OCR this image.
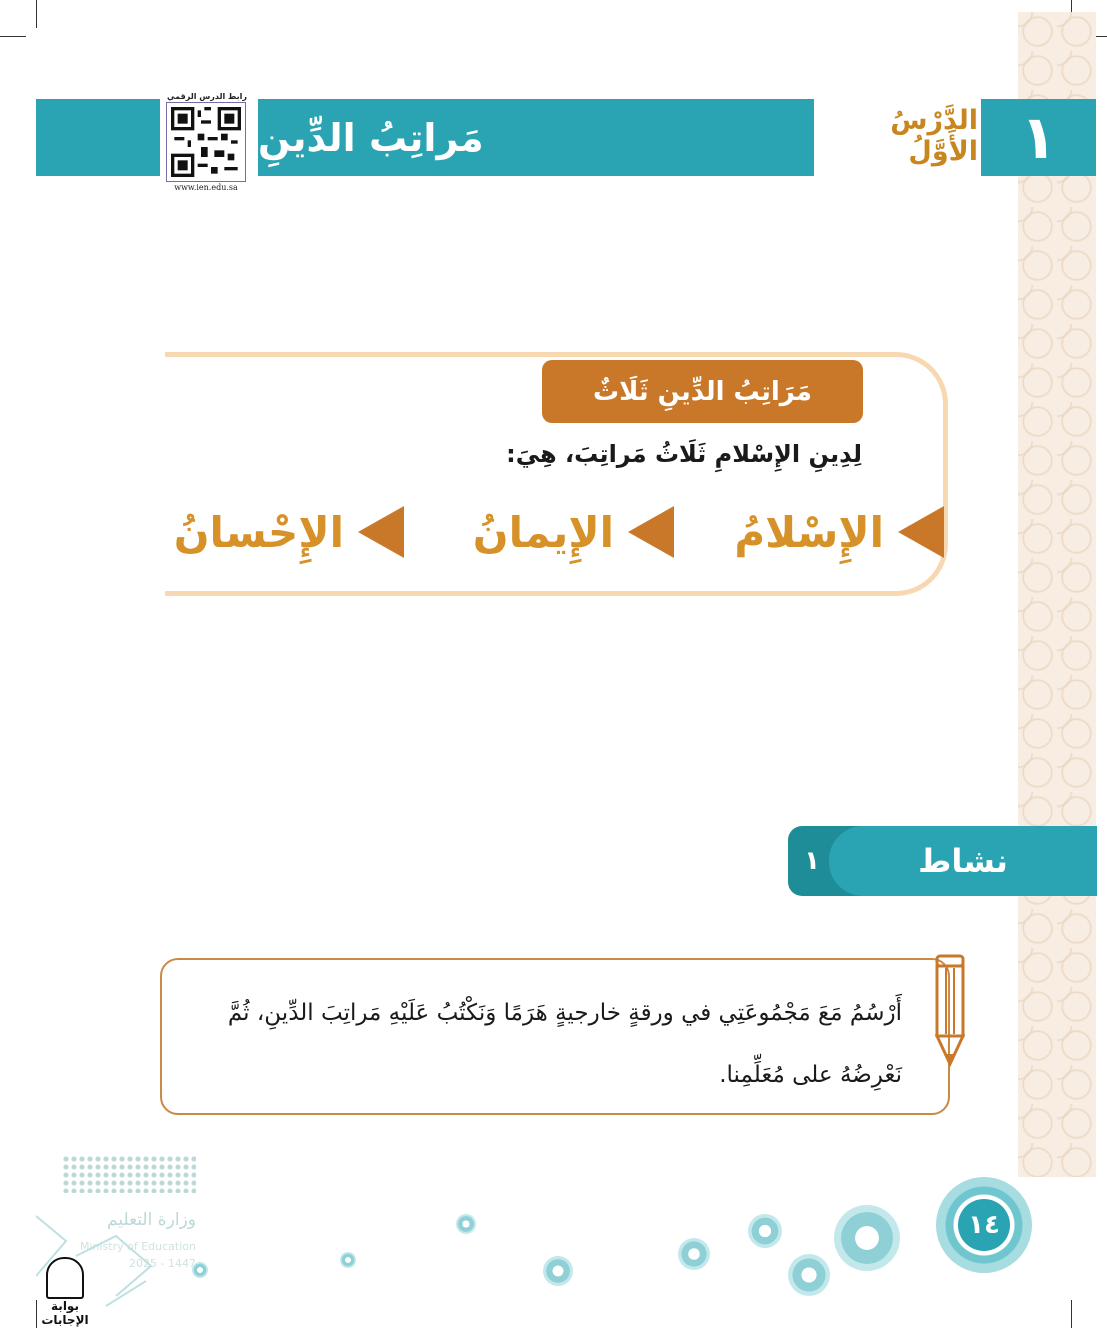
مَراتِبُ الدِّينِ	الدَّرْسُ الأَوَّلُ ١
رابط الدرس الرقمي
www.ien.edu.sa
مَرَاتِبُ الدِّينِ ثَلَاثٌ
لِدِينِ الإِسْلامِ ثَلَاثُ مَراتِبَ، هِيَ:
الإِسْلامُ
الإِيمانُ
الإِحْسانُ
نشاط
١
أَرْسُمُ مَعَ مَجْمُوعَتِي في ورقةٍ خارجيةٍ هَرَمًا وَنَكْتُبُ عَلَيْهِ مَراتِبَ الدِّينِ، ثُمَّ نَعْرِضُهُ على مُعَلِّمِنا.
١٤
وزارة التعليم
Ministry of Education
2025 - 1447
بوابة الإجابات
